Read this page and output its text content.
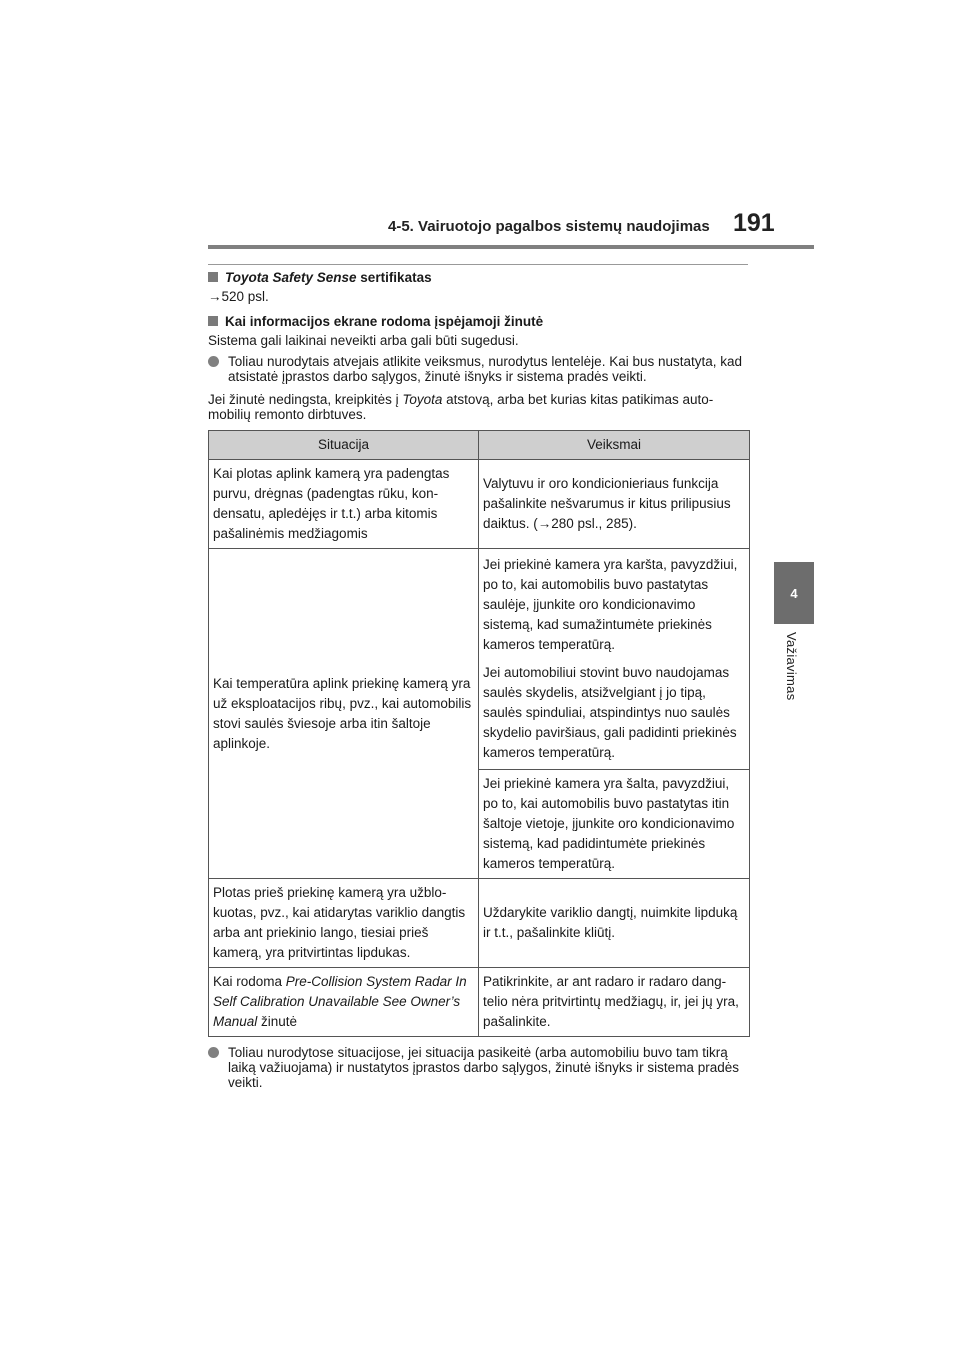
4-5. Vairuotojo pagalbos sistemų naudojimas 191
4
Važiavimas
Toyota Safety Sense sertifikatas
→520 psl.
Kai informacijos ekrane rodoma įspėjamoji žinutė
Sistema gali laikinai neveikti arba gali būti sugedusi.
Toliau nurodytais atvejais atlikite veiksmus, nurodytus lentelėje. Kai bus nustatyta, kad atsistatė įprastos darbo sąlygos, žinutė išnyks ir sistema pradės veikti.
Jei žinutė nedingsta, kreipkitės į Toyota atstovą, arba bet kurias kitas patikimas automobilių remonto dirbtuves.
Situacija	Veiksmai
Kai plotas aplink kamerą yra padengtas purvu, drėgnas (padengtas rūku, kondensatu, apledėjęs ir t.t.) arba kitomis pašalinėmis medžiagomis	Valytuvu ir oro kondicionieriaus funkcija pašalinkite nešvarumus ir kitus prilipusius daiktus. (→280 psl., 285).
Kai temperatūra aplink priekinę kamerą yra už eksploatacijos ribų, pvz., kai automobilis stovi saulės šviesoje arba itin šaltoje aplinkoje.	Jei priekinė kamera yra karšta, pavyzdžiui, po to, kai automobilis buvo pastatytas saulėje, įjunkite oro kondicionavimo sistemą, kad sumažintumėte priekinės kameros temperatūrą.
Jei automobiliui stovint buvo naudojamas saulės skydelis, atsižvelgiant į jo tipą, saulės spinduliai, atspindintys nuo saulės skydelio paviršiaus, gali padidinti priekinės kameros temperatūrą.

	Jei priekinė kamera yra šalta, pavyzdžiui, po to, kai automobilis buvo pastatytas itin šaltoje vietoje, įjunkite oro kondicionavimo sistemą, kad padidintumėte priekinės kameros temperatūrą.
Plotas prieš priekinę kamerą yra užblokuotas, pvz., kai atidarytas variklio dangtis arba ant priekinio lango, tiesiai prieš kamerą, yra pritvirtintas lipdukas.	Uždarykite variklio dangtį, nuimkite lipduką ir t.t., pašalinkite kliūtį.
Kai rodoma Pre-Collision System Radar In Self Calibration Unavailable See Owner’s Manual žinutė	Patikrinkite, ar ant radaro ir radaro dangtelio nėra pritvirtintų medžiagų, ir, jei jų yra, pašalinkite.
Toliau nurodytose situacijose, jei situacija pasikeitė (arba automobiliu buvo tam tikrą laiką važiuojama) ir nustatytos įprastos darbo sąlygos, žinutė išnyks ir sistema pradės veikti.
